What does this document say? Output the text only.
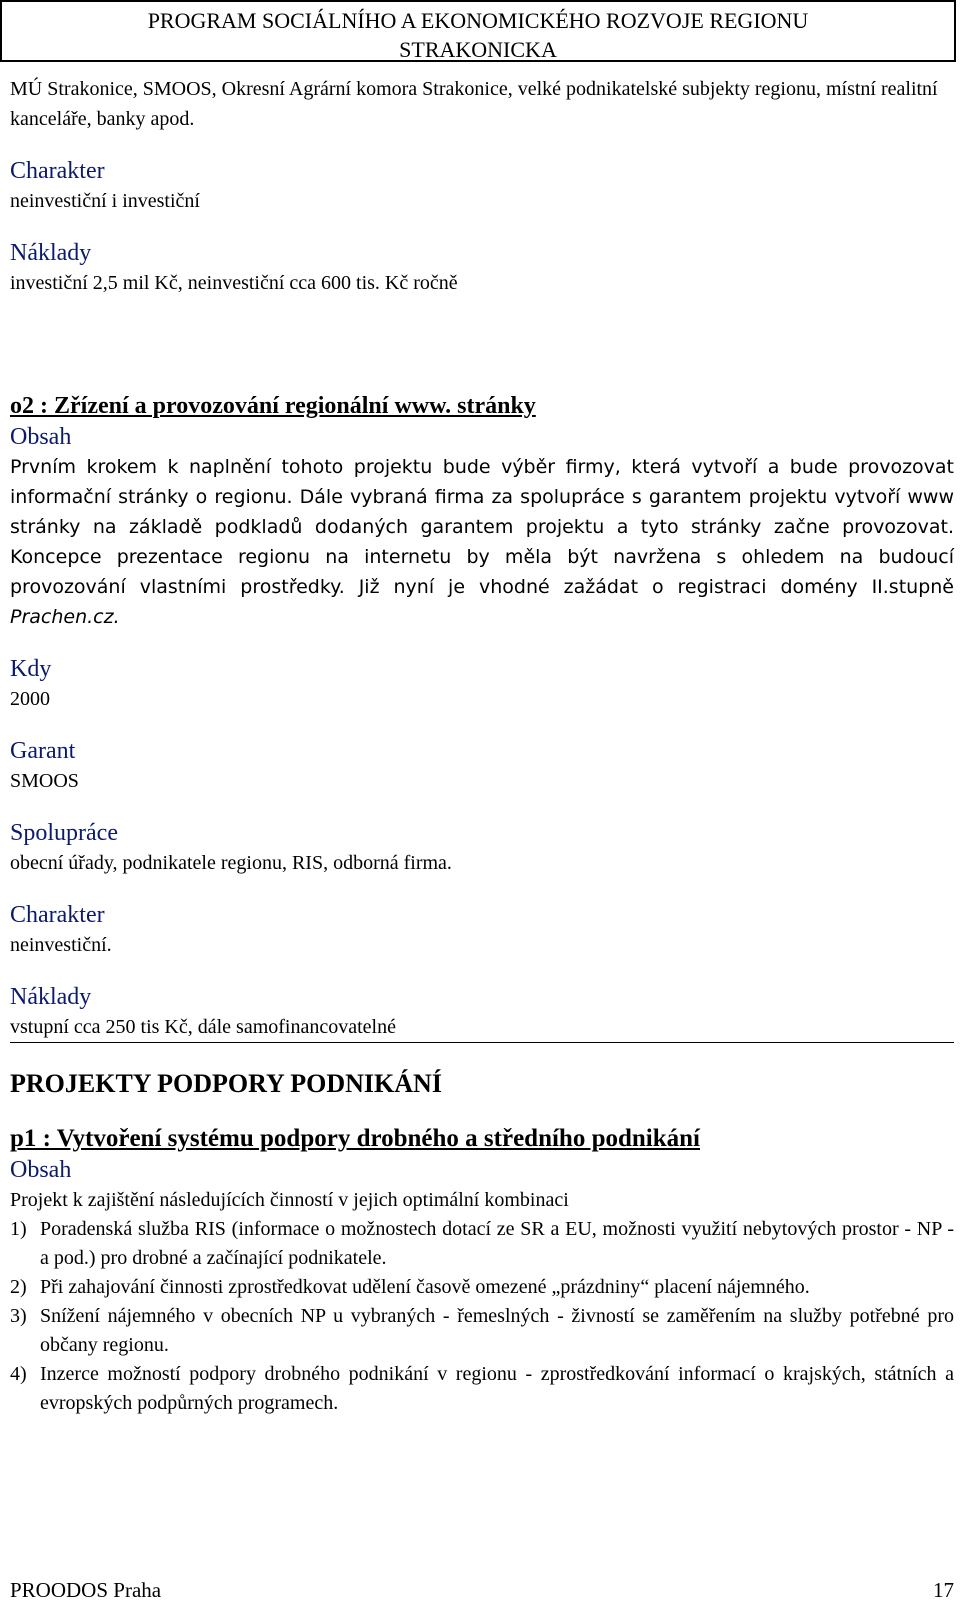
PROGRAM SOCIÁLNÍHO A EKONOMICKÉHO ROZVOJE REGIONU
STRAKONICKA

MÚ Strakonice, SMOOS, Okresní Agrární komora Strakonice, velké podnikatelské subjekty regionu, místní realitní kanceláře, banky apod.

Charakter

neinvestiční i investiční

Náklady

investiční 2,5 mil Kč, neinvestiční cca 600 tis. Kč ročně

o2 : Zřízení a provozování regionální www. stránky

Obsah

Prvním krokem k naplnění tohoto projektu bude výběr firmy, která vytvoří a bude provozovat informační stránky o regionu. Dále vybraná firma za spolupráce s garantem projektu vytvoří www stránky na základě podkladů dodaných garantem projektu a tyto stránky začne provozovat. Koncepce prezentace regionu na internetu by měla být navržena s ohledem na budoucí provozování vlastními prostředky. Již nyní je vhodné zažádat o registraci domény II.stupně Prachen.cz.

Kdy

2000

Garant

SMOOS

Spolupráce

obecní úřady, podnikatele regionu, RIS, odborná firma.

Charakter

neinvestiční.

Náklady

vstupní cca 250 tis Kč, dále samofinancovatelné

PROJEKTY PODPORY PODNIKÁNÍ

p1 : Vytvoření systému podpory drobného a středního podnikání

Obsah

Projekt k zajištění následujících činností v jejich optimální kombinaci

1) Poradenská služba RIS (informace o možnostech dotací ze SR a EU, možnosti využití nebytových prostor - NP - a pod.) pro drobné a začínající podnikatele.
2) Při zahajování činnosti zprostředkovat udělení časově omezené „prázdniny“ placení nájemného.
3) Snížení nájemného v obecních NP u vybraných - řemeslných - živností se zaměřením na služby potřebné pro občany regionu.
4) Inzerce možností podpory drobného podnikání v regionu - zprostředkování informací o krajských, státních a evropských podpůrných programech.
PROODOS Praha	17
